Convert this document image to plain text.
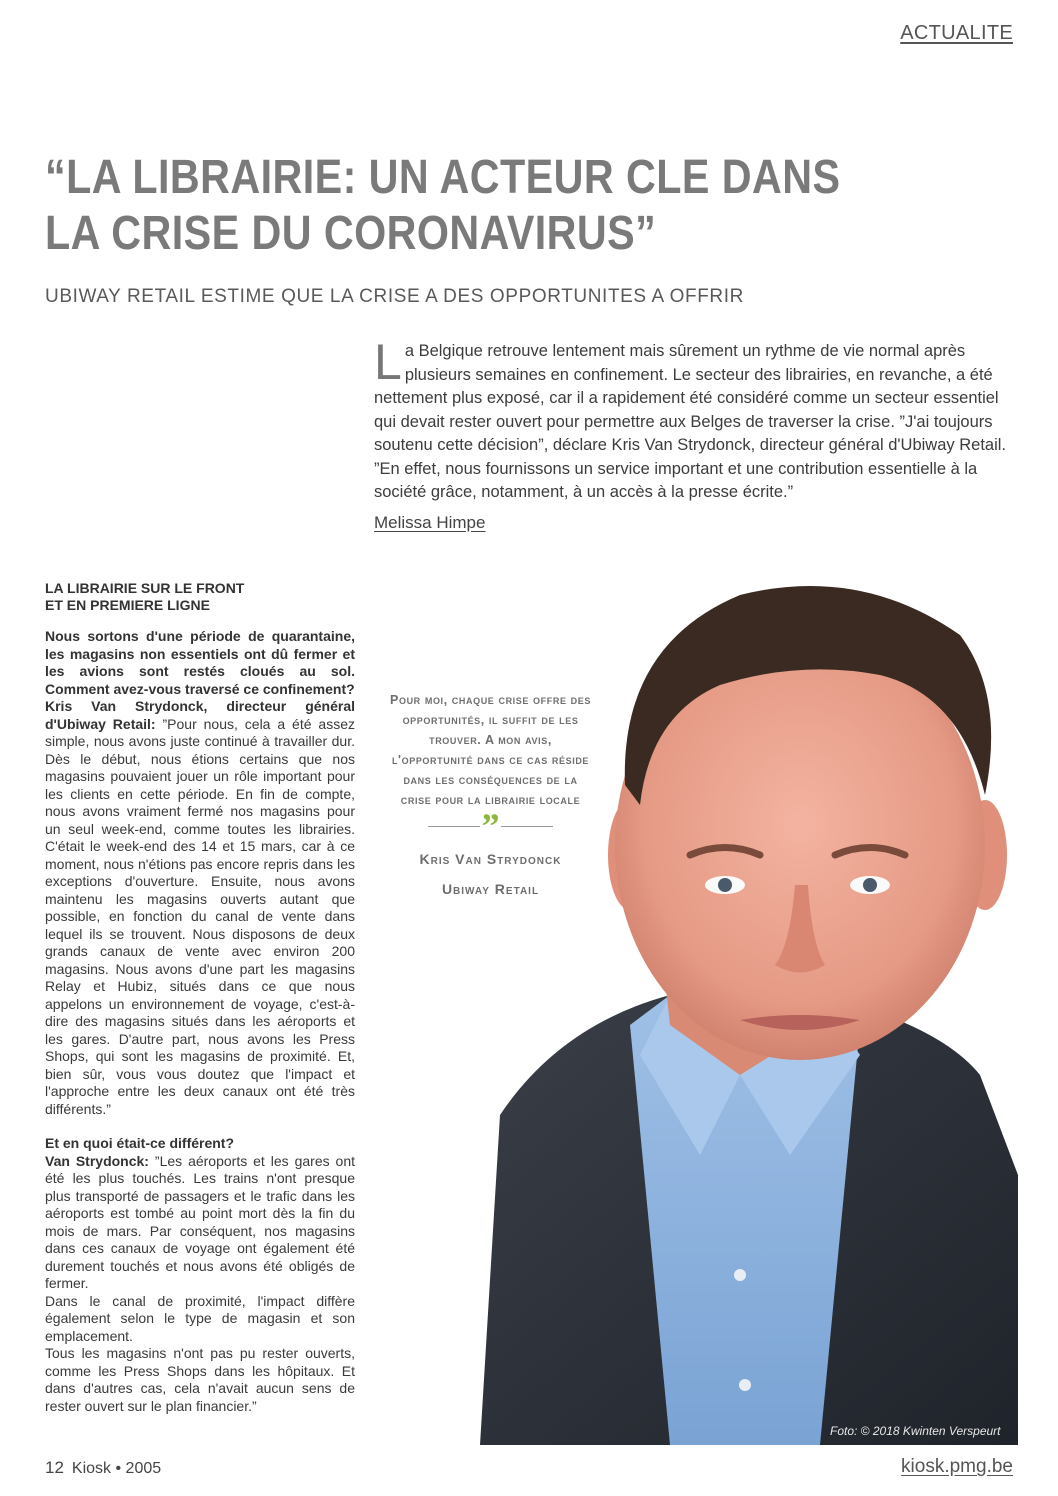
ACTUALITE
“LA LIBRAIRIE: UN ACTEUR CLE DANS LA CRISE DU CORONAVIRUS”
UBIWAY RETAIL ESTIME QUE LA CRISE A DES OPPORTUNITES A OFFRIR

La Belgique retrouve lentement mais sûrement un rythme de vie normal après plusieurs semaines en confinement. Le secteur des librairies, en revanche, a été nettement plus exposé, car il a rapidement été considéré comme un secteur essentiel qui devait rester ouvert pour permettre aux Belges de traverser la crise. ”J'ai toujours soutenu cette décision”, déclare Kris Van Strydonck, directeur général d'Ubiway Retail. ”En effet, nous fournissons un service important et une contribution essentielle à la société grâce, notamment, à un accès à la presse écrite.”

Melissa Himpe
LA LIBRAIRIE SUR LE FRONT
ET EN PREMIERE LIGNE

Nous sortons d'une période de quarantaine, les magasins non essentiels ont dû fermer et les avions sont restés cloués au sol. Comment avez-vous traversé ce confinement?

Kris Van Strydonck, directeur général d'Ubiway Retail: ”Pour nous, cela a été assez simple, nous avons juste continué à travailler dur. Dès le début, nous étions certains que nos magasins pouvaient jouer un rôle important pour les clients en cette période. En fin de compte, nous avons vraiment fermé nos magasins pour un seul week-end, comme toutes les librairies. C'était le week-end des 14 et 15 mars, car à ce moment, nous n'étions pas encore repris dans les exceptions d'ouverture. Ensuite, nous avons maintenu les magasins ouverts autant que possible, en fonction du canal de vente dans lequel ils se trouvent. Nous disposons de deux grands canaux de vente avec environ 200 magasins. Nous avons d'une part les magasins Relay et Hubiz, situés dans ce que nous appelons un environnement de voyage, c'est-à-dire des magasins situés dans les aéroports et les gares. D'autre part, nous avons les Press Shops, qui sont les magasins de proximité. Et, bien sûr, vous vous doutez que l'impact et l'approche entre les deux canaux ont été très différents.”

Et en quoi était-ce différent?

Van Strydonck: ”Les aéroports et les gares ont été les plus touchés. Les trains n'ont presque plus transporté de passagers et le trafic dans les aéroports est tombé au point mort dès la fin du mois de mars. Par conséquent, nos magasins dans ces canaux de voyage ont également été durement touchés et nous avons été obligés de fermer.

Dans le canal de proximité, l'impact diffère également selon le type de magasin et son emplacement.

Tous les magasins n'ont pas pu rester ouverts, comme les Press Shops dans les hôpitaux. Et dans d'autres cas, cela n'avait aucun sens de rester ouvert sur le plan financier.”

Foto: © 2018 Kwinten Verspeurt

Pour moi, chaque crise offre des opportunités, il suffit de les trouver. A mon avis, l'opportunité dans ce cas réside dans les conséquences de la crise pour la librairie locale

”

Kris Van Strydonck

Ubiway Retail

12 Kiosk • 2005	kiosk.pmg.be
